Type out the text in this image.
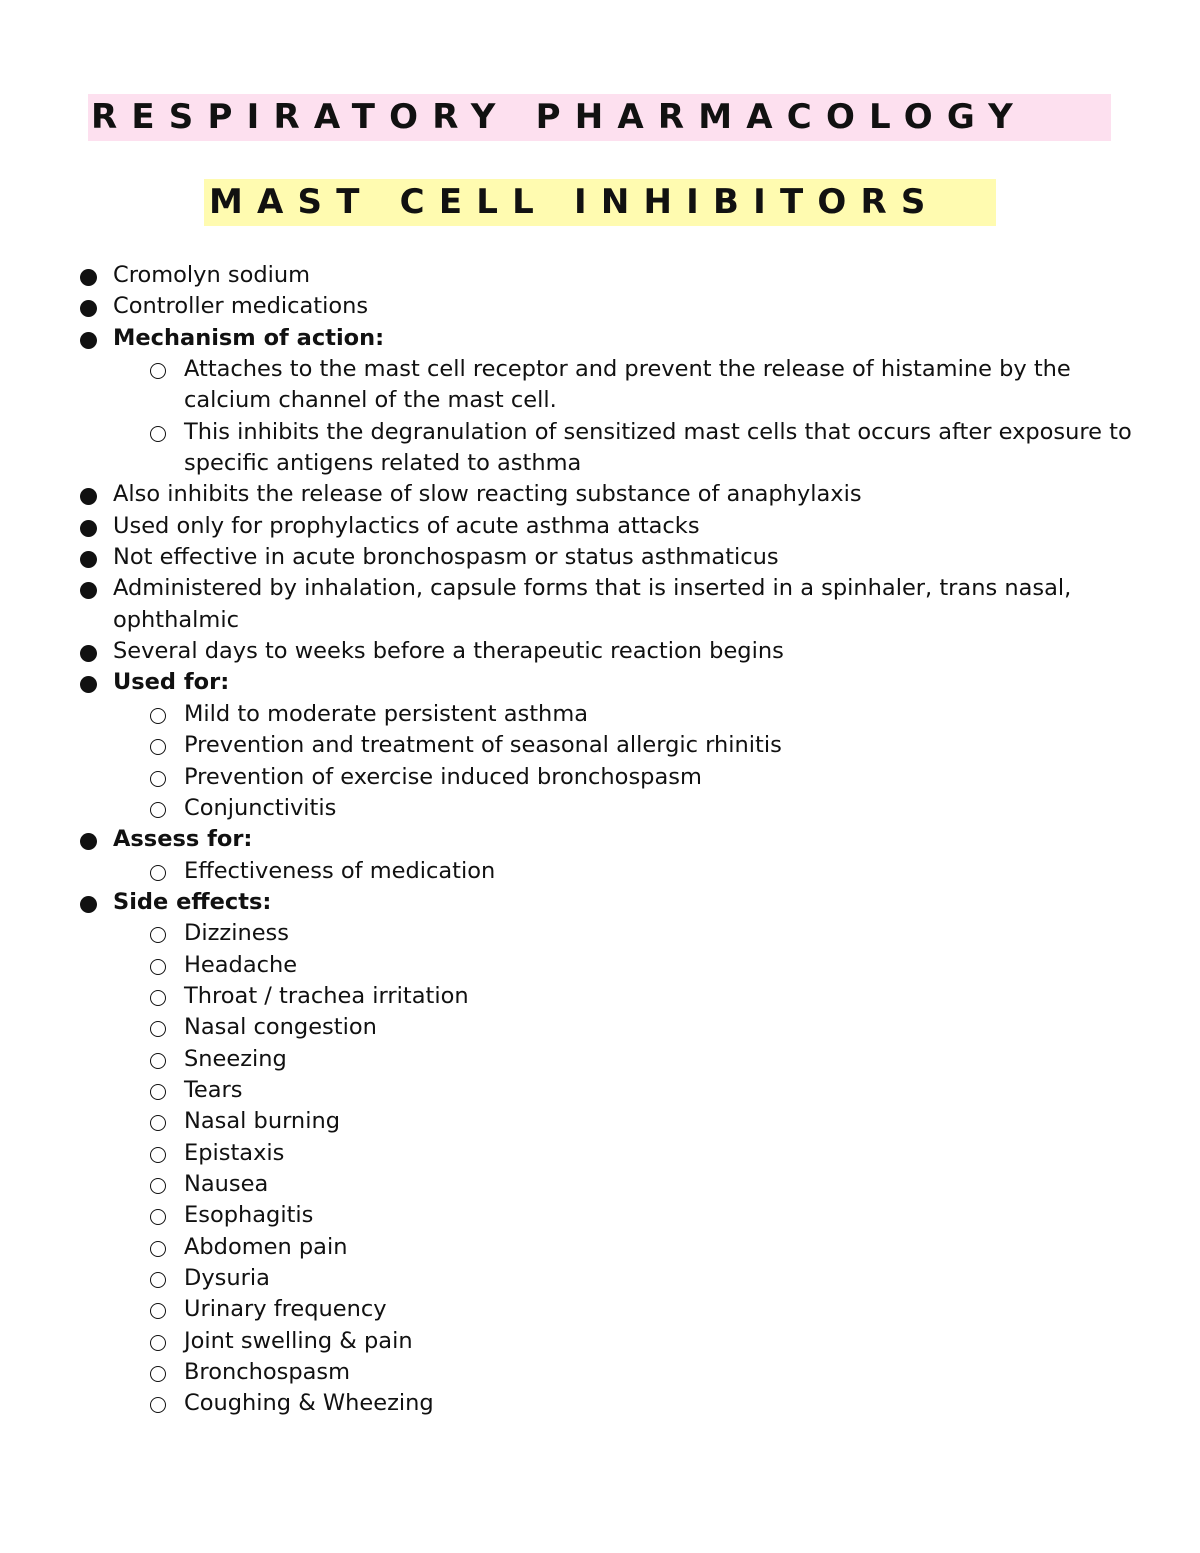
RESPIRATORY PHARMACOLOGY
MAST CELL INHIBITORS
Cromolyn sodium
Controller medications
Mechanism of action:
Attaches to the mast cell receptor and prevent the release of histamine by the calcium channel of the mast cell.
This inhibits the degranulation of sensitized mast cells that occurs after exposure to specific antigens related to asthma
Also inhibits the release of slow reacting substance of anaphylaxis
Used only for prophylactics of acute asthma attacks
Not effective in acute bronchospasm or status asthmaticus
Administered by inhalation, capsule forms that is inserted in a spinhaler, trans nasal, ophthalmic
Several days to weeks before a therapeutic reaction begins
Used for:
Mild to moderate persistent asthma
Prevention and treatment of seasonal allergic rhinitis
Prevention of exercise induced bronchospasm
Conjunctivitis
Assess for:
Effectiveness of medication
Side effects:
Dizziness
Headache
Throat / trachea irritation
Nasal congestion
Sneezing
Tears
Nasal burning
Epistaxis
Nausea
Esophagitis
Abdomen pain
Dysuria
Urinary frequency
Joint swelling & pain
Bronchospasm
Coughing & Wheezing
